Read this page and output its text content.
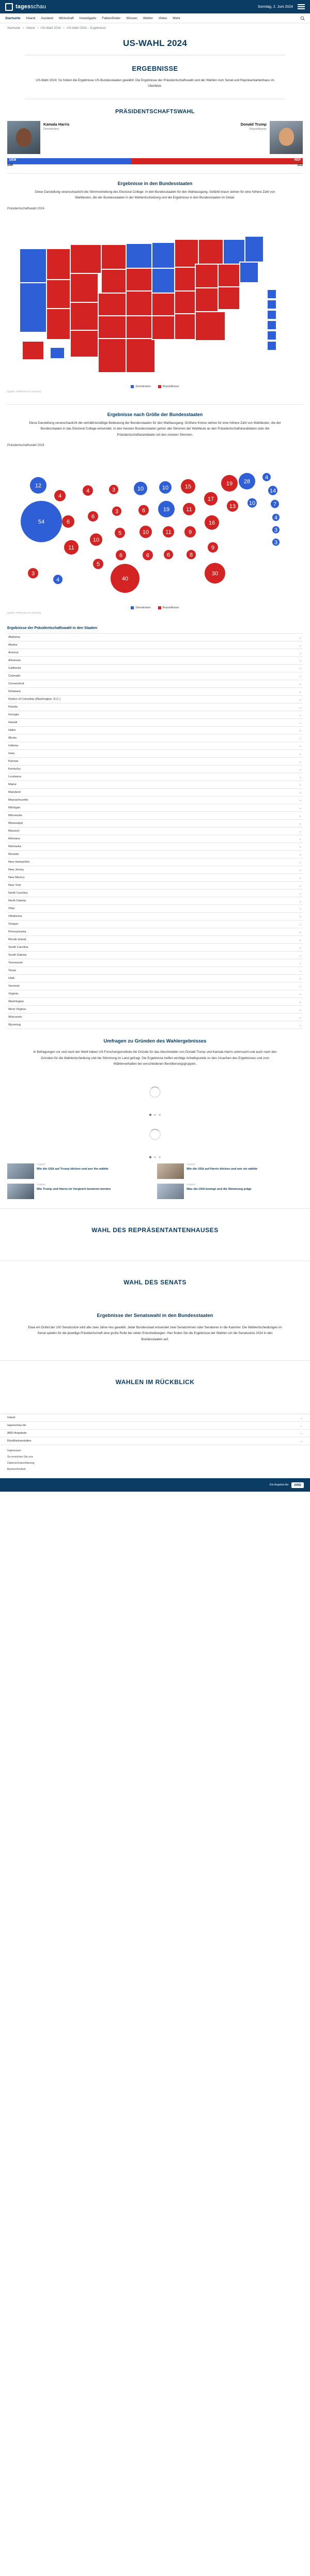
tagesschau	Sonntag, 2. Juni 2024
Startseite Inland Ausland Wirtschaft Investigativ Faktenfinder Wissen Wetter Video Mehr
Startseite > Inland > US-Wahl 2024 > US-Wahl 2024 – Ergebnisse
US-WAHL 2024
ERGEBNISSE
US-Wahl 2024: So hoben die Ergebnisse US-Bundesstaaten gewählt. Die Ergebnisse der Präsidentschaftswahl und der Wahlen zum Senat und Repräsentantenhaus im Überblick.
PRÄSIDENTSCHAFTSWAHL
Kamala Harris
Demokraten
Donald Trump
Republikaner
DEM	REP
226	312
Ergebnisse in den Bundesstaaten
Diese Darstellung veranschaulicht die Stimmverteilung des Electoral College: In den Bundesstaaten für den Wahlausgang. Gefärbt braun stehen für eine höhere Zahl von Wahlleuten, die der Bundesstaaten in der Wahlentscheidung und die Ergebnisse in den Bundesstaaten im Detail.
Präsidentschaftswahl 2024
Demokraten	Republikaner
Quelle: AP/Election.us Germany
Ergebnisse nach Größe der Bundesstaaten
Diese Darstellung veranschaulicht die verhältnismäßige Bedeutung der Bundesstaaten für den Wahlausgang. Größere Kreise stehen für eine höhere Zahl von Wahlleuten, die der Bundesstaaten in das Electoral College entsendet. In den meisten Bundesstaaten gehen alle Stimmen der Wahlleute an den Präsidentschaftskandidaten oder die Präsidentschaftskandidatin mit den meisten Stimmen.
Präsidentschaftswahl 2024
54
12
4
6
11
4
6
10
5
3
3
5
6
40
10
6
10
6
10
19
11
6
15
11
9
8
17
16
9
30
19
13
28
10
4
14
7
4
3
3
3
4
Demokraten	Republikaner
Quelle: AP/Election.us Germany
Ergebnisse der Präsidentschaftswahl in den Staaten
Alabama	⌄
Alaska	⌄
Arizona	⌄
Arkansas	⌄
California	⌄
Colorado	⌄
Connecticut	⌄
Delaware	⌄
District of Columbia (Washington, D.C.)	⌄
Florida	⌄
Georgia	⌄
Hawaii	⌄
Idaho	⌄
Illinois	⌄
Indiana	⌄
Iowa	⌄
Kansas	⌄
Kentucky	⌄
Louisiana	⌄
Maine	⌄
Maryland	⌄
Massachusetts	⌄
Michigan	⌄
Minnesota	⌄
Mississippi	⌄
Missouri	⌄
Montana	⌄
Nebraska	⌄
Nevada	⌄
New Hampshire	⌄
New Jersey	⌄
New Mexico	⌄
New York	⌄
North Carolina	⌄
North Dakota	⌄
Ohio	⌄
Oklahoma	⌄
Oregon	⌄
Pennsylvania	⌄
Rhode Island	⌄
South Carolina	⌄
South Dakota	⌄
Tennessee	⌄
Texas	⌄
Utah	⌄
Vermont	⌄
Virginia	⌄
Washington	⌄
West Virginia	⌄
Wisconsin	⌄
Wyoming	⌄
Umfragen zu Gründen des Wahlergebnisses
In Befragungen vor und nach der Wahl haben US-Forschungsinstitute die Gründe für das Abschneiden von Donald Trump und Kamala Harris untersucht und auch nach den Gründen für die Wahlentscheidung und die Stimmung im Land gefragt. Die Ergebnisse helfen wichtige Anhaltspunkte zu den Ursachen des Ergebnisses und zum Wählerverhalten bei verschiedenen Bevölkerungsgruppen.
Analyse
Wie die USA auf Trump blicken und wer ihn wählte
Analyse
Wie die USA auf Harris blicken und wer sie wählte
Analyse
Wie Trump und Harris im Vergleich bewertet werden
Analyse
Was die USA bewegt und die Stimmung prägt
WAHL DES REPRÄSENTANTENHAUSES
WAHL DES SENATS
Ergebnisse der Senatswahl in den Bundesstaaten

Etwa ein Drittel der 100 Senatssitze wird alle zwei Jahre neu gewählt. Jeder Bundesstaat entsendet zwei Senatorinnen oder Senatoren in die Kammer. Die Wahlentscheidungen im Senat spielen für die jeweilige Präsidentschaft eine große Rolle bei vielen Entscheidungen. Hier finden Sie die Ergebnisse der Wahlen um die Senatssitze 2024 in den Bundesstaaten auf.

WAHLEN IM RÜCKBLICK
Inland	⌄
tagesschau.de	⌄
ARD-Angebote	⌄
Rundfunkanstalten	⌄
Impressum
So erreichen Sie uns
Datenschutzerklärung
Barrierefreiheit
Ein Angebot der	ARD
